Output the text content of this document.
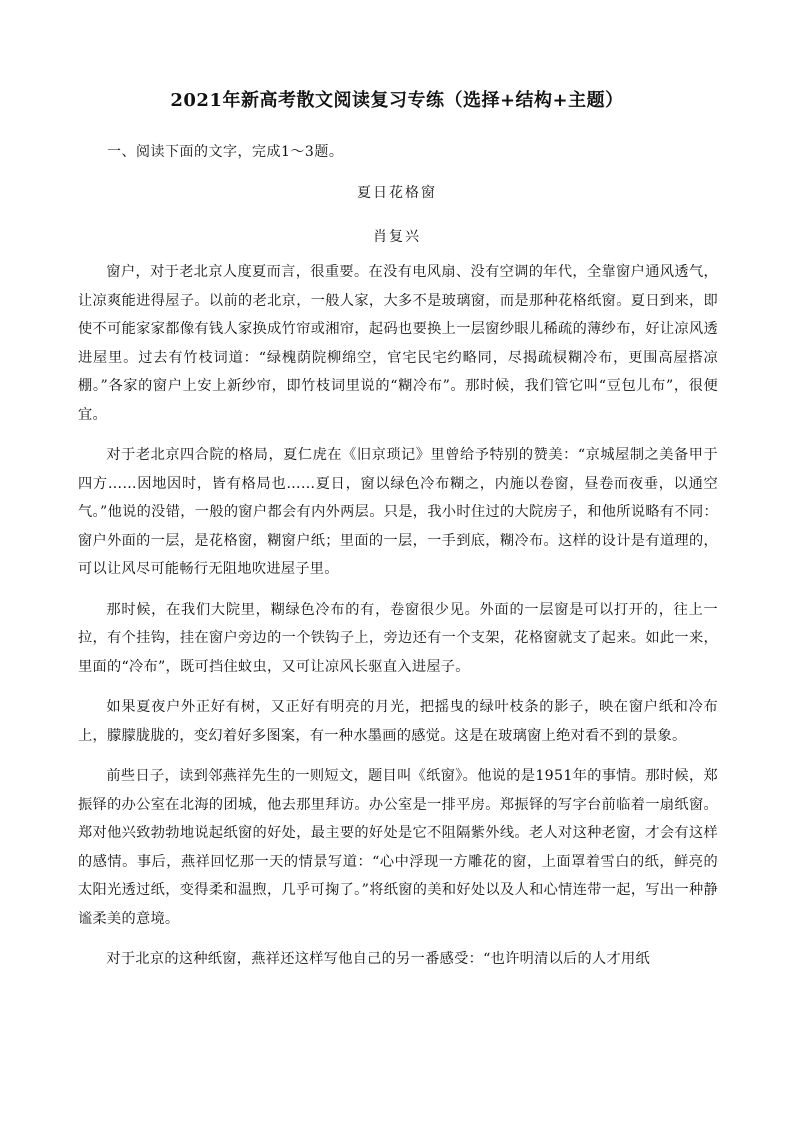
2021年新高考散文阅读复习专练（选择+结构+主题）

一、阅读下面的文字，完成1～3题。

夏日花格窗

肖复兴

窗户，对于老北京人度夏而言，很重要。在没有电风扇、没有空调的年代，全靠窗户通风透气，让凉爽能进得屋子。以前的老北京，一般人家，大多不是玻璃窗，而是那种花格纸窗。夏日到来，即使不可能家家都像有钱人家换成竹帘或湘帘，起码也要换上一层窗纱眼儿稀疏的薄纱布，好让凉风透进屋里。过去有竹枝词道：“绿槐荫院柳绵空，官宅民宅约略同，尽揭疏棂糊冷布，更围高屋搭凉棚。”各家的窗户上安上新纱帘，即竹枝词里说的“糊冷布”。那时候，我们管它叫“豆包儿布”，很便宜。

对于老北京四合院的格局，夏仁虎在《旧京琐记》里曾给予特别的赞美：“京城屋制之美备甲于四方……因地因时，皆有格局也……夏日，窗以绿色冷布糊之，内施以卷窗，昼卷而夜垂，以通空气。”他说的没错，一般的窗户都会有内外两层。只是，我小时住过的大院房子，和他所说略有不同：窗户外面的一层，是花格窗，糊窗户纸；里面的一层，一手到底，糊冷布。这样的设计是有道理的，可以让风尽可能畅行无阻地吹进屋子里。

那时候，在我们大院里，糊绿色冷布的有，卷窗很少见。外面的一层窗是可以打开的，往上一拉，有个挂钩，挂在窗户旁边的一个铁钩子上，旁边还有一个支架，花格窗就支了起来。如此一来，里面的“冷布”，既可挡住蚊虫，又可让凉风长驱直入进屋子。

如果夏夜户外正好有树，又正好有明亮的月光，把摇曳的绿叶枝条的影子，映在窗户纸和冷布上，朦朦胧胧的，变幻着好多图案，有一种水墨画的感觉。这是在玻璃窗上绝对看不到的景象。

前些日子，读到邻燕祥先生的一则短文，题目叫《纸窗》。他说的是1951年的事情。那时候，郑振铎的办公室在北海的团城，他去那里拜访。办公室是一排平房。郑振铎的写字台前临着一扇纸窗。郑对他兴致勃勃地说起纸窗的好处，最主要的好处是它不阻隔紫外线。老人对这种老窗，才会有这样的感情。事后，燕祥回忆那一天的情景写道：“心中浮现一方雕花的窗，上面罩着雪白的纸，鲜亮的太阳光透过纸，变得柔和温煦，几乎可掬了。”将纸窗的美和好处以及人和心情连带一起，写出一种静谧柔美的意境。

对于北京的这种纸窗，燕祥还这样写他自己的另一番感受：“也许明清以后的人才用纸
